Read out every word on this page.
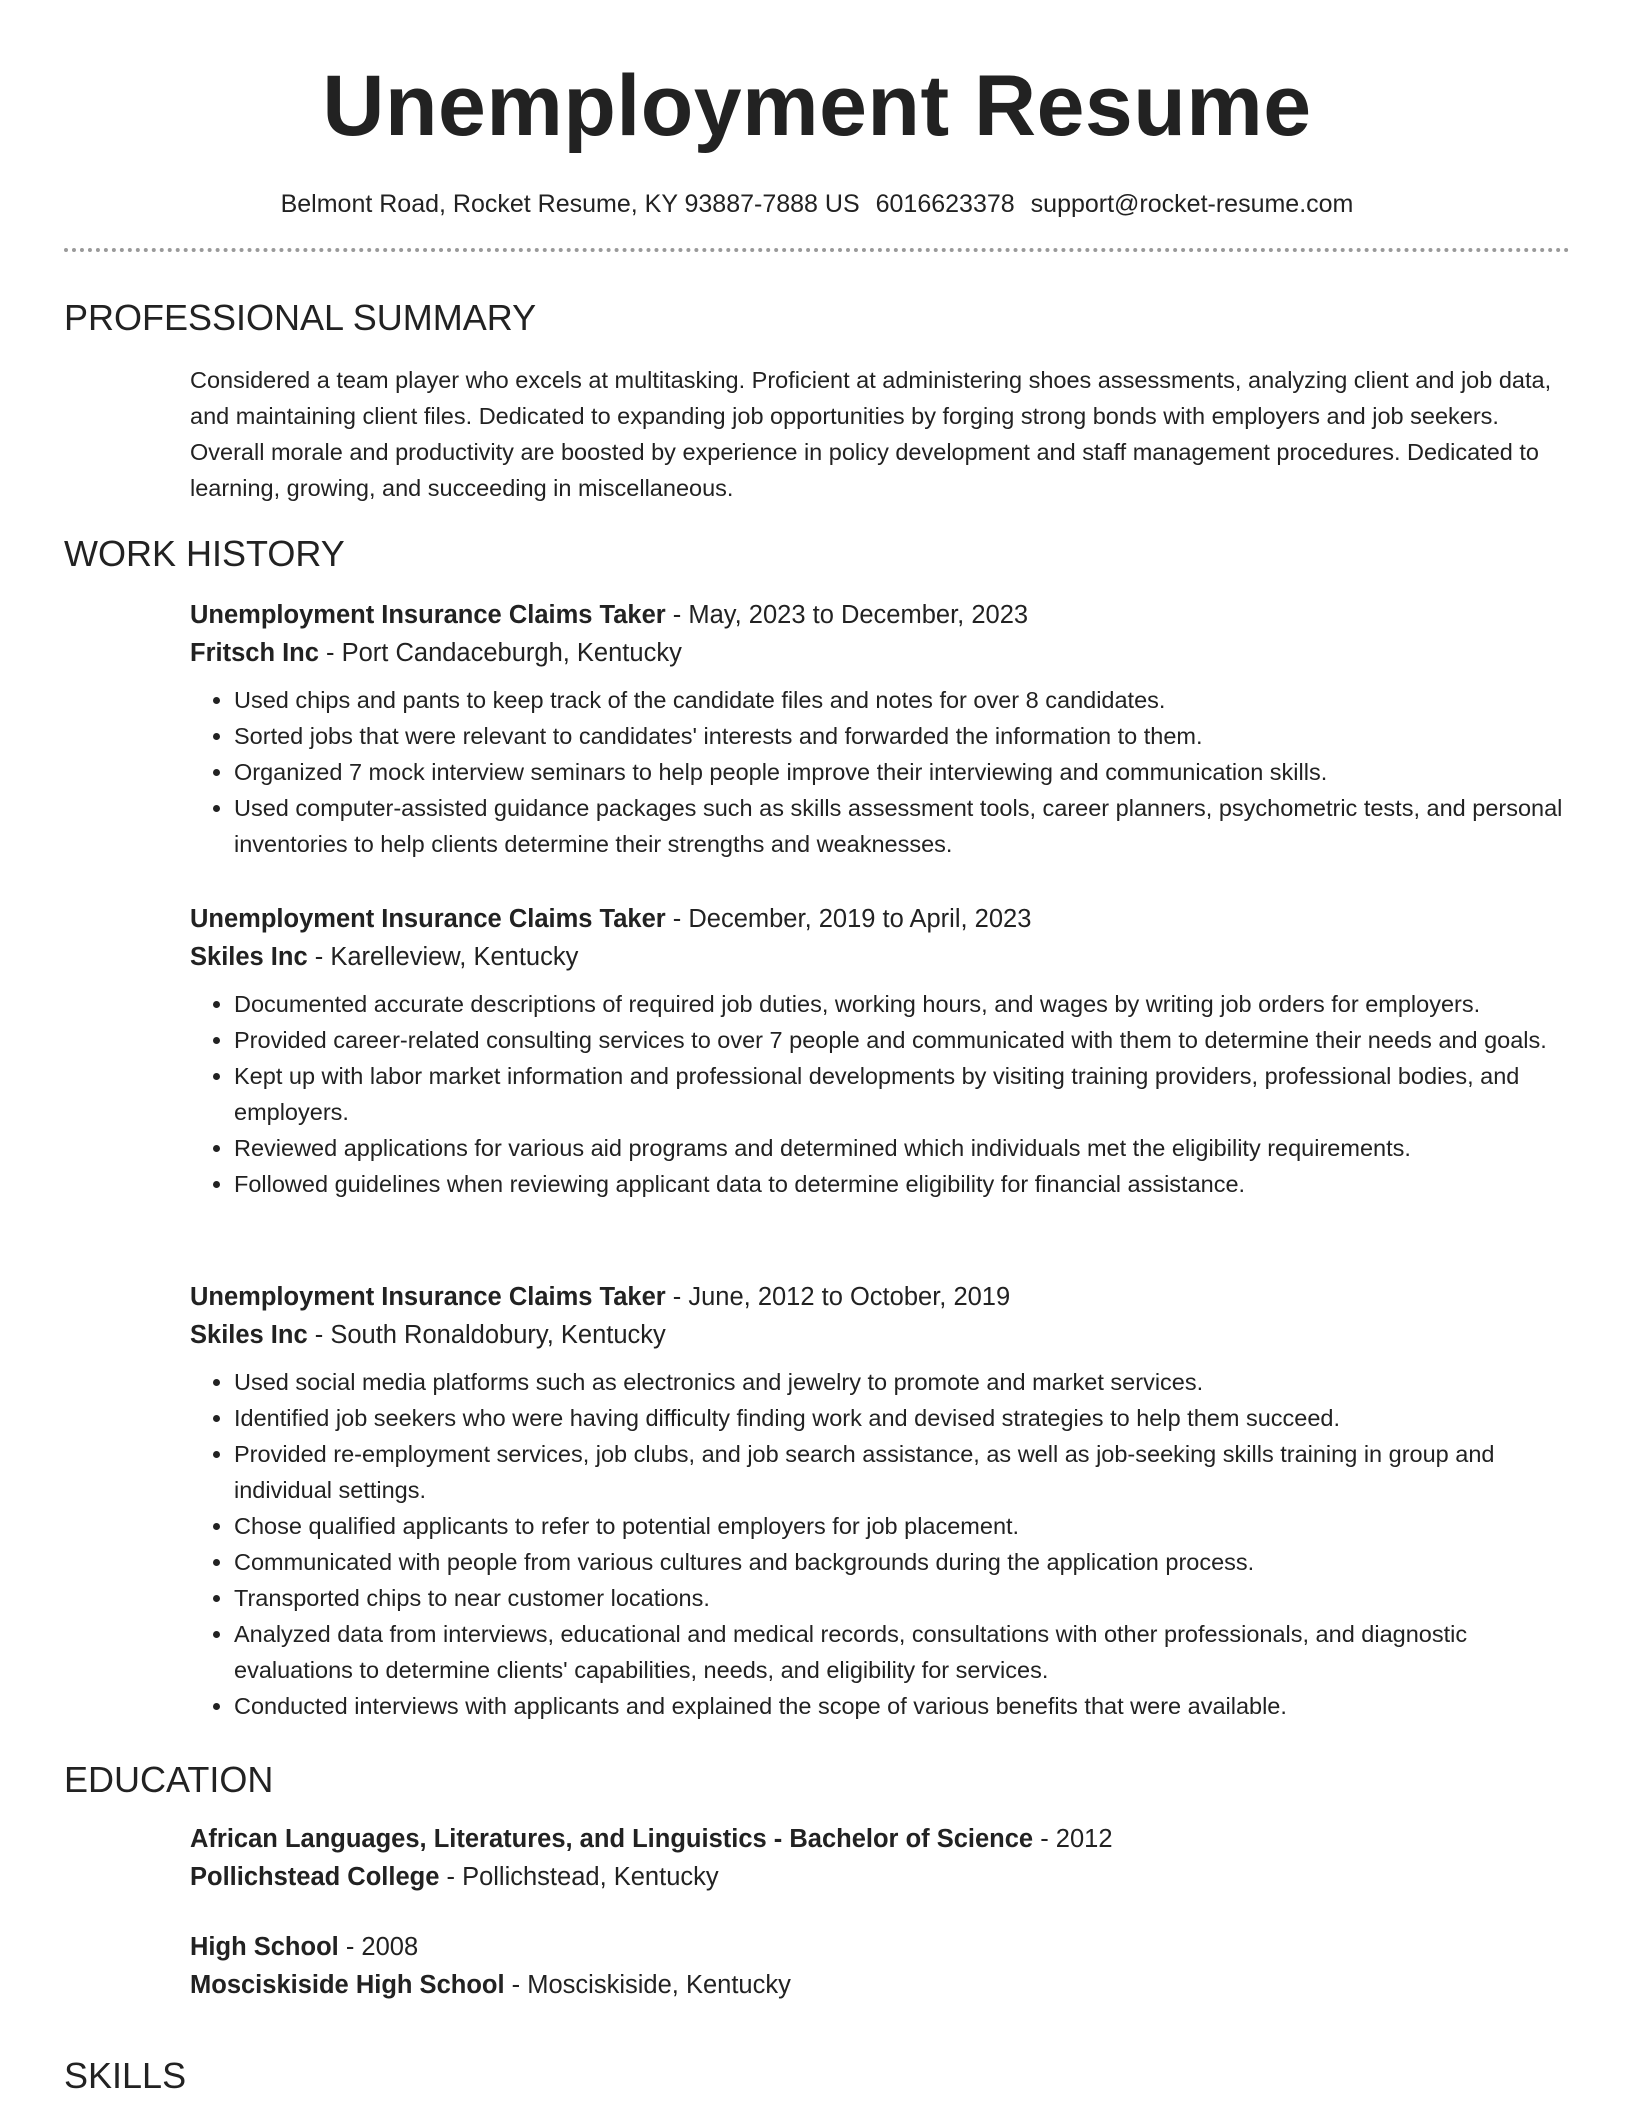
Unemployment Resume
Belmont Road, Rocket Resume, KY 93887-7888 US 6016623378 support@rocket-resume.com
PROFESSIONAL SUMMARY
Considered a team player who excels at multitasking. Proficient at administering shoes assessments, analyzing client and job data, and maintaining client files. Dedicated to expanding job opportunities by forging strong bonds with employers and job seekers. Overall morale and productivity are boosted by experience in policy development and staff management procedures. Dedicated to learning, growing, and succeeding in miscellaneous.
WORK HISTORY
Unemployment Insurance Claims Taker - May, 2023 to December, 2023
Fritsch Inc - Port Candaceburgh, Kentucky
• Used chips and pants to keep track of the candidate files and notes for over 8 candidates.
• Sorted jobs that were relevant to candidates' interests and forwarded the information to them.
• Organized 7 mock interview seminars to help people improve their interviewing and communication skills.
• Used computer-assisted guidance packages such as skills assessment tools, career planners, psychometric tests, and personal inventories to help clients determine their strengths and weaknesses.
Unemployment Insurance Claims Taker - December, 2019 to April, 2023
Skiles Inc - Karelleview, Kentucky
• Documented accurate descriptions of required job duties, working hours, and wages by writing job orders for employers.
• Provided career-related consulting services to over 7 people and communicated with them to determine their needs and goals.
• Kept up with labor market information and professional developments by visiting training providers, professional bodies, and employers.
• Reviewed applications for various aid programs and determined which individuals met the eligibility requirements.
• Followed guidelines when reviewing applicant data to determine eligibility for financial assistance.
Unemployment Insurance Claims Taker - June, 2012 to October, 2019
Skiles Inc - South Ronaldobury, Kentucky
• Used social media platforms such as electronics and jewelry to promote and market services.
• Identified job seekers who were having difficulty finding work and devised strategies to help them succeed.
• Provided re-employment services, job clubs, and job search assistance, as well as job-seeking skills training in group and individual settings.
• Chose qualified applicants to refer to potential employers for job placement.
• Communicated with people from various cultures and backgrounds during the application process.
• Transported chips to near customer locations.
• Analyzed data from interviews, educational and medical records, consultations with other professionals, and diagnostic evaluations to determine clients' capabilities, needs, and eligibility for services.
• Conducted interviews with applicants and explained the scope of various benefits that were available.
EDUCATION
African Languages, Literatures, and Linguistics - Bachelor of Science - 2012
Pollichstead College - Pollichstead, Kentucky
High School - 2008
Mosciskiside High School - Mosciskiside, Kentucky
SKILLS
